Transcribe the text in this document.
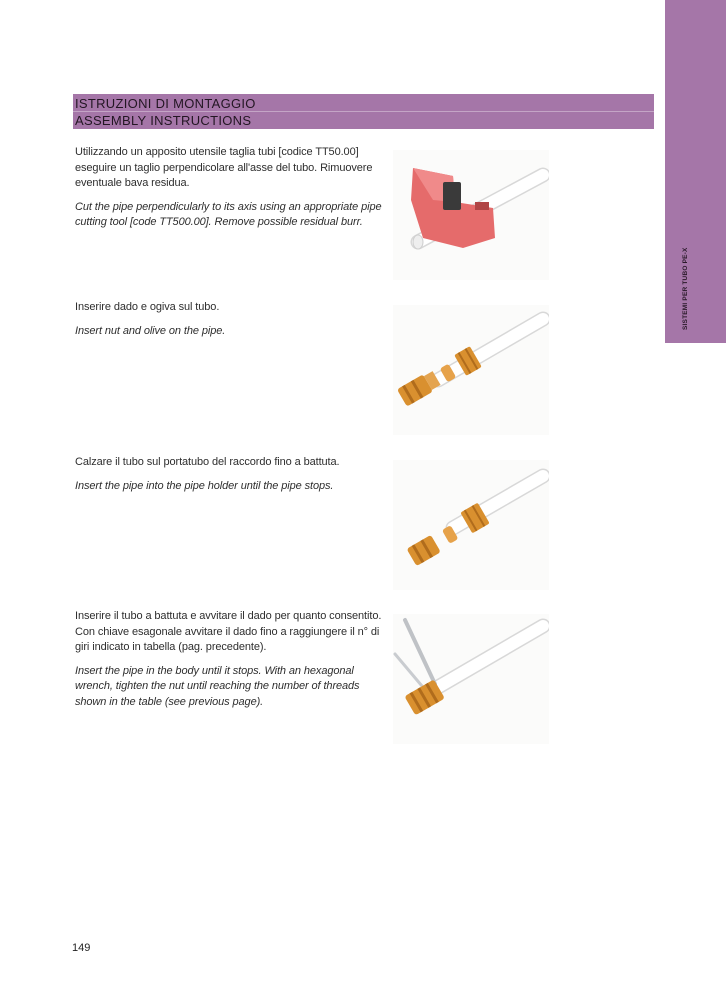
SISTEMI PER TUBO PE-X
ISTRUZIONI DI MONTAGGIO
ASSEMBLY INSTRUCTIONS

Utilizzando un apposito utensile taglia tubi [codice TT50.00] eseguire un taglio perpendicolare all'asse del tubo. Rimuovere eventuale bava residua.

Cut the pipe perpendicularly to its axis using an appropriate pipe cutting tool [code TT500.00]. Remove possible residual burr.

Inserire dado e ogiva sul tubo.

Insert nut and olive on the pipe.

Calzare il tubo sul portatubo del raccordo fino a battuta.

Insert the pipe into the pipe holder until the pipe stops.

Inserire il tubo a battuta e avvitare il dado per quanto consentito. Con chiave esagonale avvitare il dado fino a raggiungere il n° di giri indicato in tabella (pag. precedente).

Insert the pipe in the body until it stops. With an hexagonal wrench, tighten the nut until reaching the number of threads shown in the table (see previous page).

149
